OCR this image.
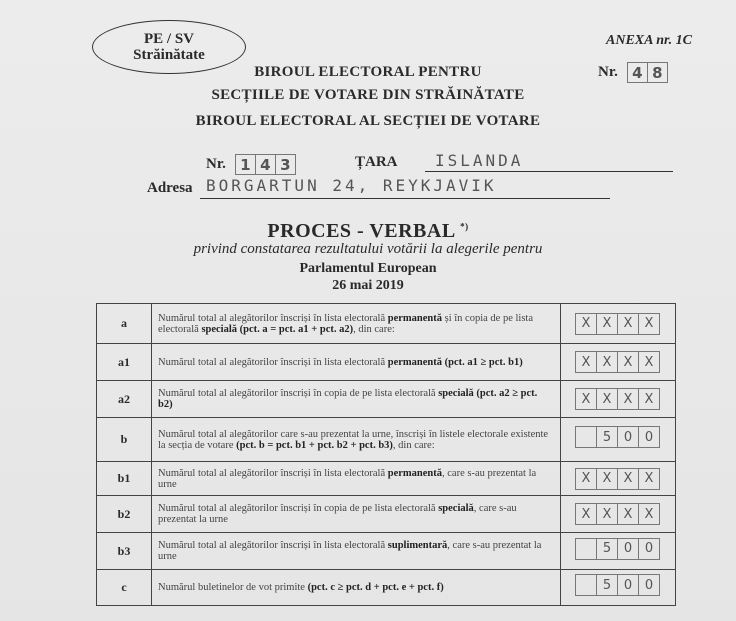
PE / SV
Străinătate
ANEXA nr. 1C
BIROUL ELECTORAL PENTRU
SECȚIILE DE VOTARE DIN STRĂINĂTATE
BIROUL ELECTORAL AL SECȚIEI DE VOTARE
Nr. 4 8
Nr. 1 4 3	ȚARA	ISLANDA
Adresa BORGARTUN 24, REYKJAVIK
PROCES - VERBAL *)
privind constatarea rezultatului votării la alegerile pentru
Parlamentul European
26 mai 2019
a	Numărul total al alegătorilor înscriși în lista electorală permanentă și în copia de pe lista electorală specială (pct. a = pct. a1 + pct. a2), din care:	X X X X

a1	Numărul total al alegătorilor înscriși în lista electorală permanentă (pct. a1 ≥ pct. b1)	X X X X

a2	Numărul total al alegătorilor înscriși în copia de pe lista electorală specială (pct. a2 ≥ pct. b2)	X X X X

b	Numărul total al alegătorilor care s-au prezentat la urne, înscriși în listele electorale existente la secția de votare (pct. b = pct. b1 + pct. b2 + pct. b3), din care:	5 0 0

b1	Numărul total al alegătorilor înscriși în lista electorală permanentă, care s-au prezentat la urne	X X X X

b2	Numărul total al alegătorilor înscriși în copia de pe lista electorală specială, care s-au prezentat la urne	X X X X

b3	Numărul total al alegătorilor înscriși în lista electorală suplimentară, care s-au prezentat la urne	5 0 0

c	Numărul buletinelor de vot primite (pct. c ≥ pct. d + pct. e + pct. f)	5 0 0
